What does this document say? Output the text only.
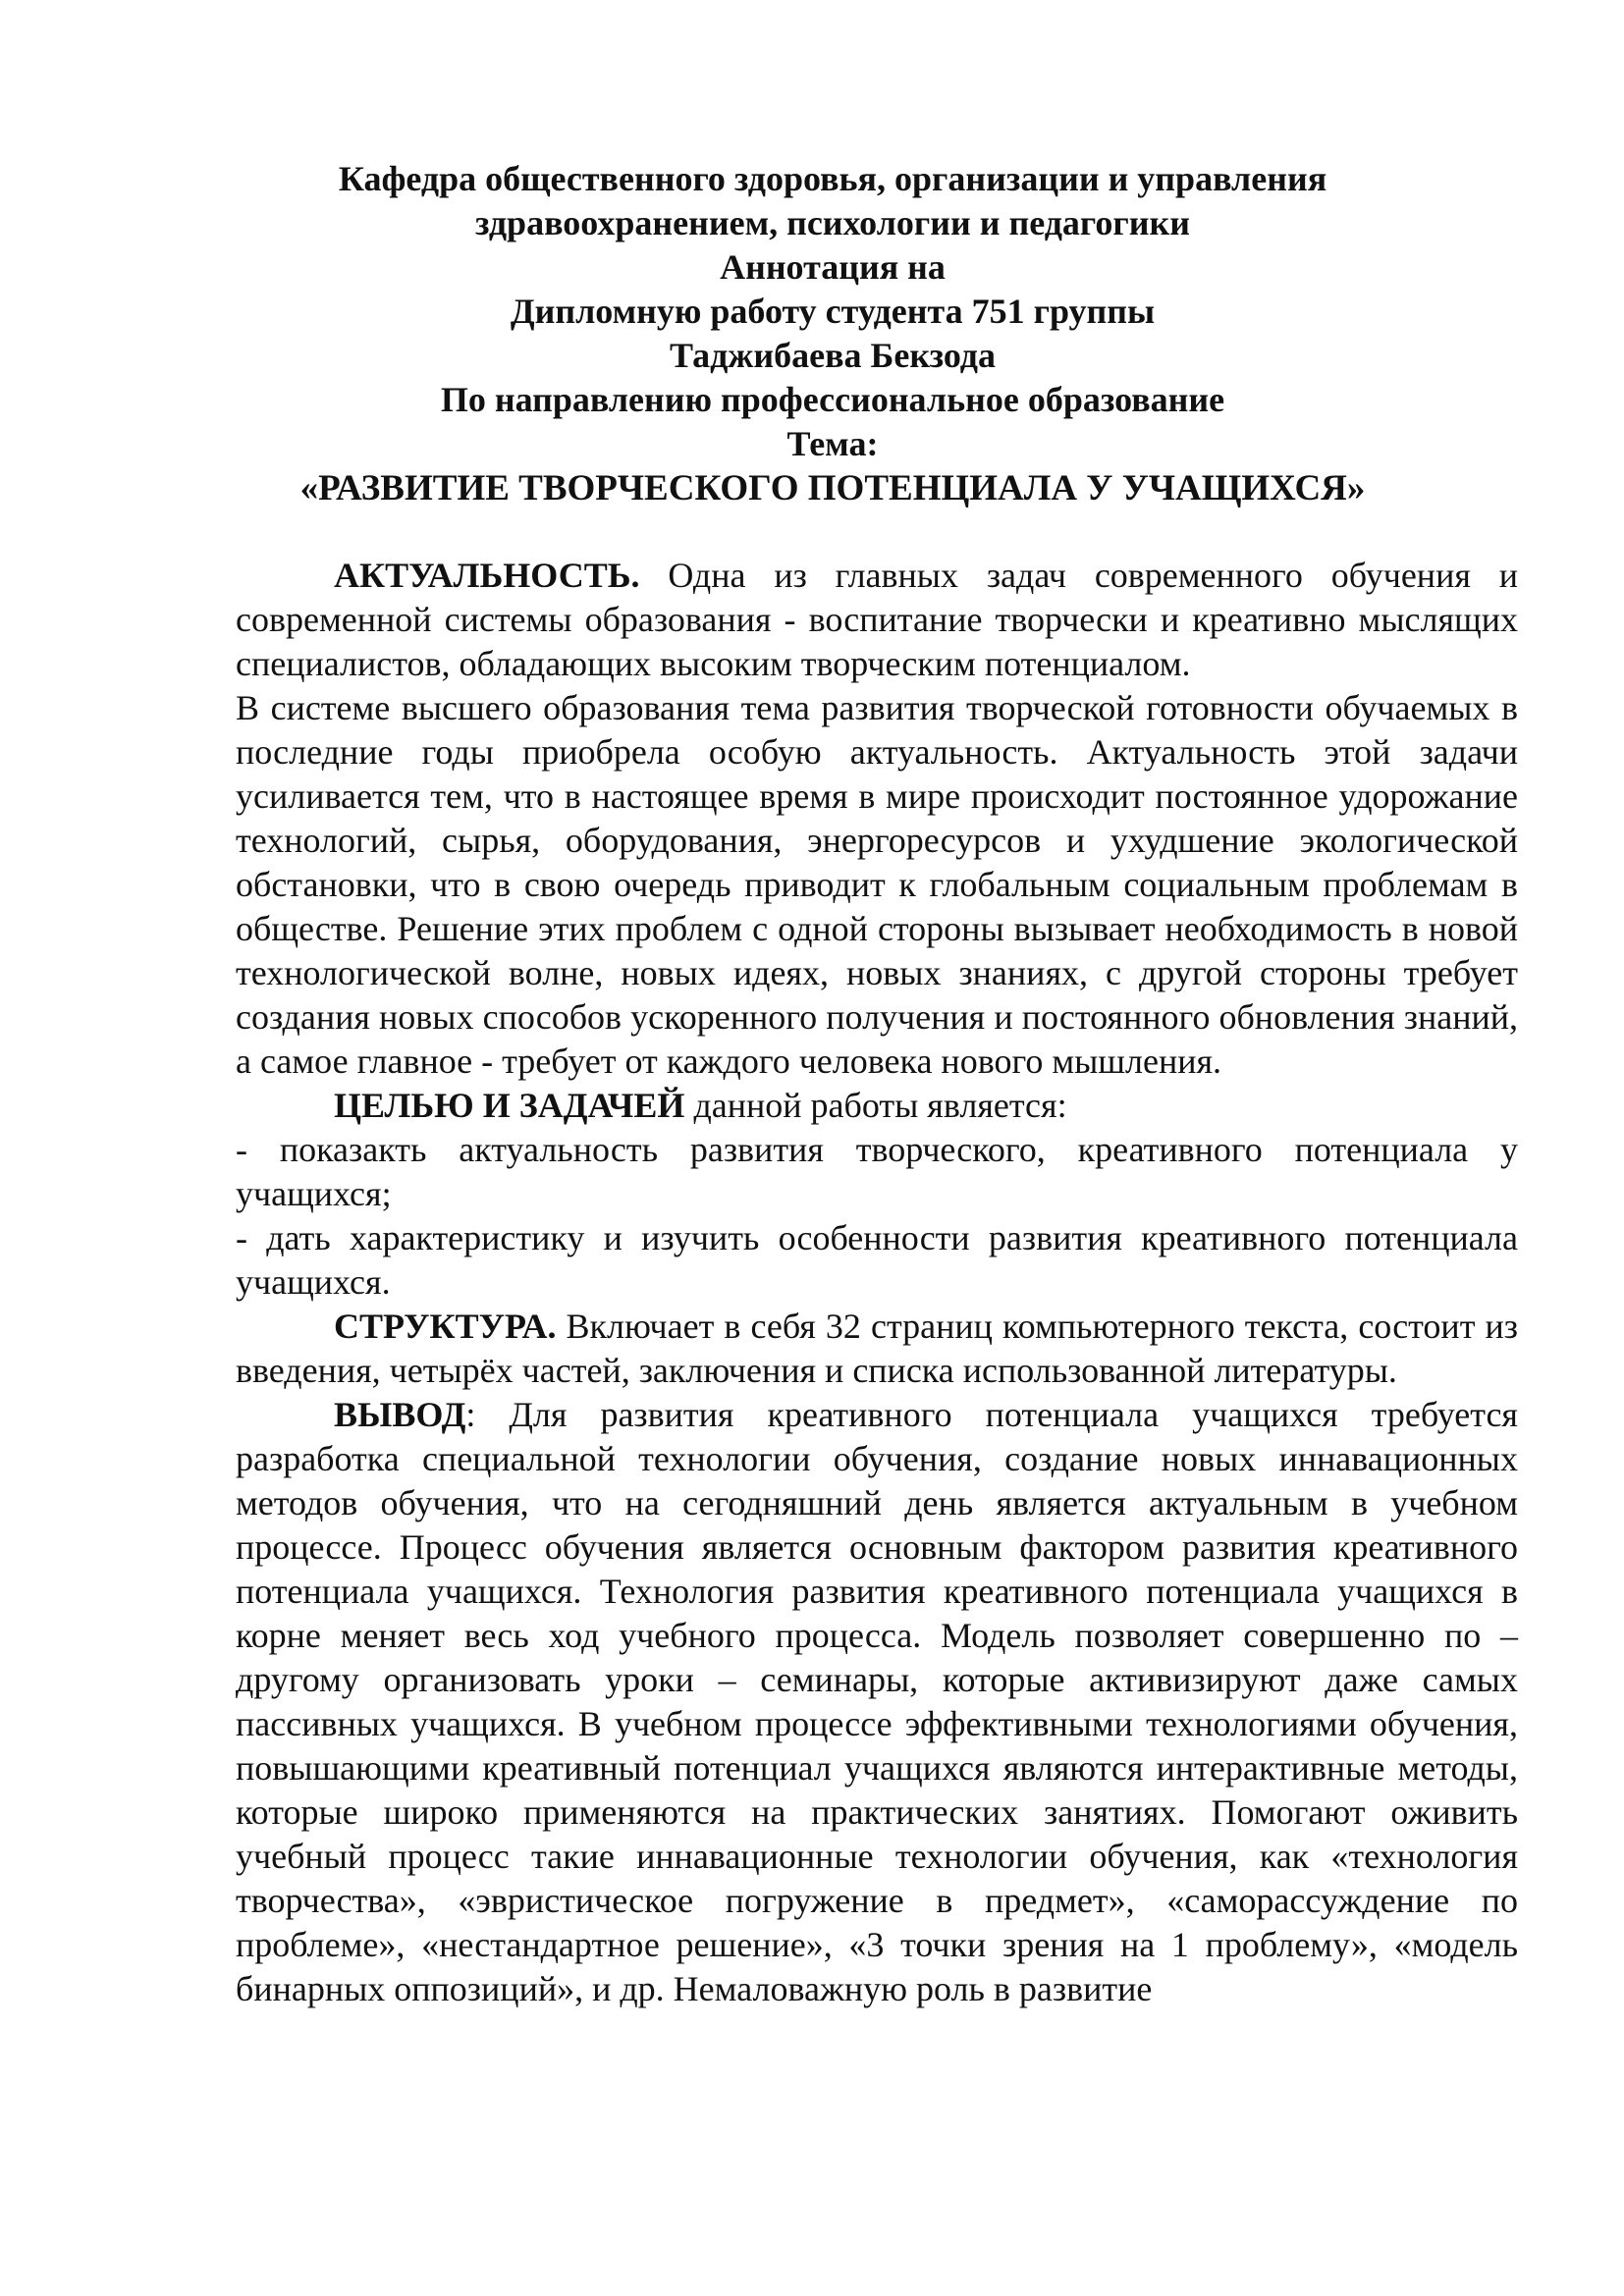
Кафедра общественного здоровья, организации и управления
здравоохранением, психологии и педагогики
Аннотация на
Дипломную работу студента 751 группы
Таджибаева Бекзода
По направлению профессиональное образование
Тема:
«РАЗВИТИЕ ТВОРЧЕСКОГО ПОТЕНЦИАЛА У УЧАЩИХСЯ»

АКТУАЛЬНОСТЬ. Одна из главных задач современного обучения и современной системы образования - воспитание творчески и креативно мыслящих специалистов, обладающих высоким творческим потенциалом.

В системе высшего образования тема развития творческой готовности обучаемых в последние годы приобрела особую актуальность. Актуальность этой задачи усиливается тем, что в настоящее время в мире происходит постоянное удорожание технологий, сырья, оборудования, энергоресурсов и ухудшение экологической обстановки, что в свою очередь приводит к глобальным социальным проблемам в обществе. Решение этих проблем с одной стороны вызывает необходимость в новой технологической волне, новых идеях, новых знаниях, с другой стороны требует создания новых способов ускоренного получения и постоянного обновления знаний, а самое главное - требует от каждого человека нового мышления.

ЦЕЛЬЮ И ЗАДАЧЕЙ данной работы является:

- показакть актуальность развития творческого, креативного потенциала у учащихся;

- дать характеристику и изучить особенности развития креативного потенциала учащихся.

СТРУКТУРА. Включает в себя 32 страниц компьютерного текста, состоит из введения, четырёх частей, заключения и списка использованной литературы.

ВЫВОД: Для развития креативного потенциала учащихся требуется разработка специальной технологии обучения, создание новых иннавационных методов обучения, что на сегодняшний день является актуальным в учебном процессе. Процесс обучения является основным фактором развития креативного потенциала учащихся. Технология развития креативного потенциала учащихся в корне меняет весь ход учебного процесса. Модель позволяет совершенно по – другому организовать уроки – семинары, которые активизируют даже самых пассивных учащихся. В учебном процессе эффективными технологиями обучения, повышающими креативный потенциал учащихся являются интерактивные методы, которые широко применяются на практических занятиях. Помогают оживить учебный процесс такие иннавационные технологии обучения, как «технология творчества», «эвристическое погружение в предмет», «саморассуждение по проблеме», «нестандартное решение», «3 точки зрения на 1 проблему», «модель бинарных оппозиций», и др. Немаловажную роль в развитие
